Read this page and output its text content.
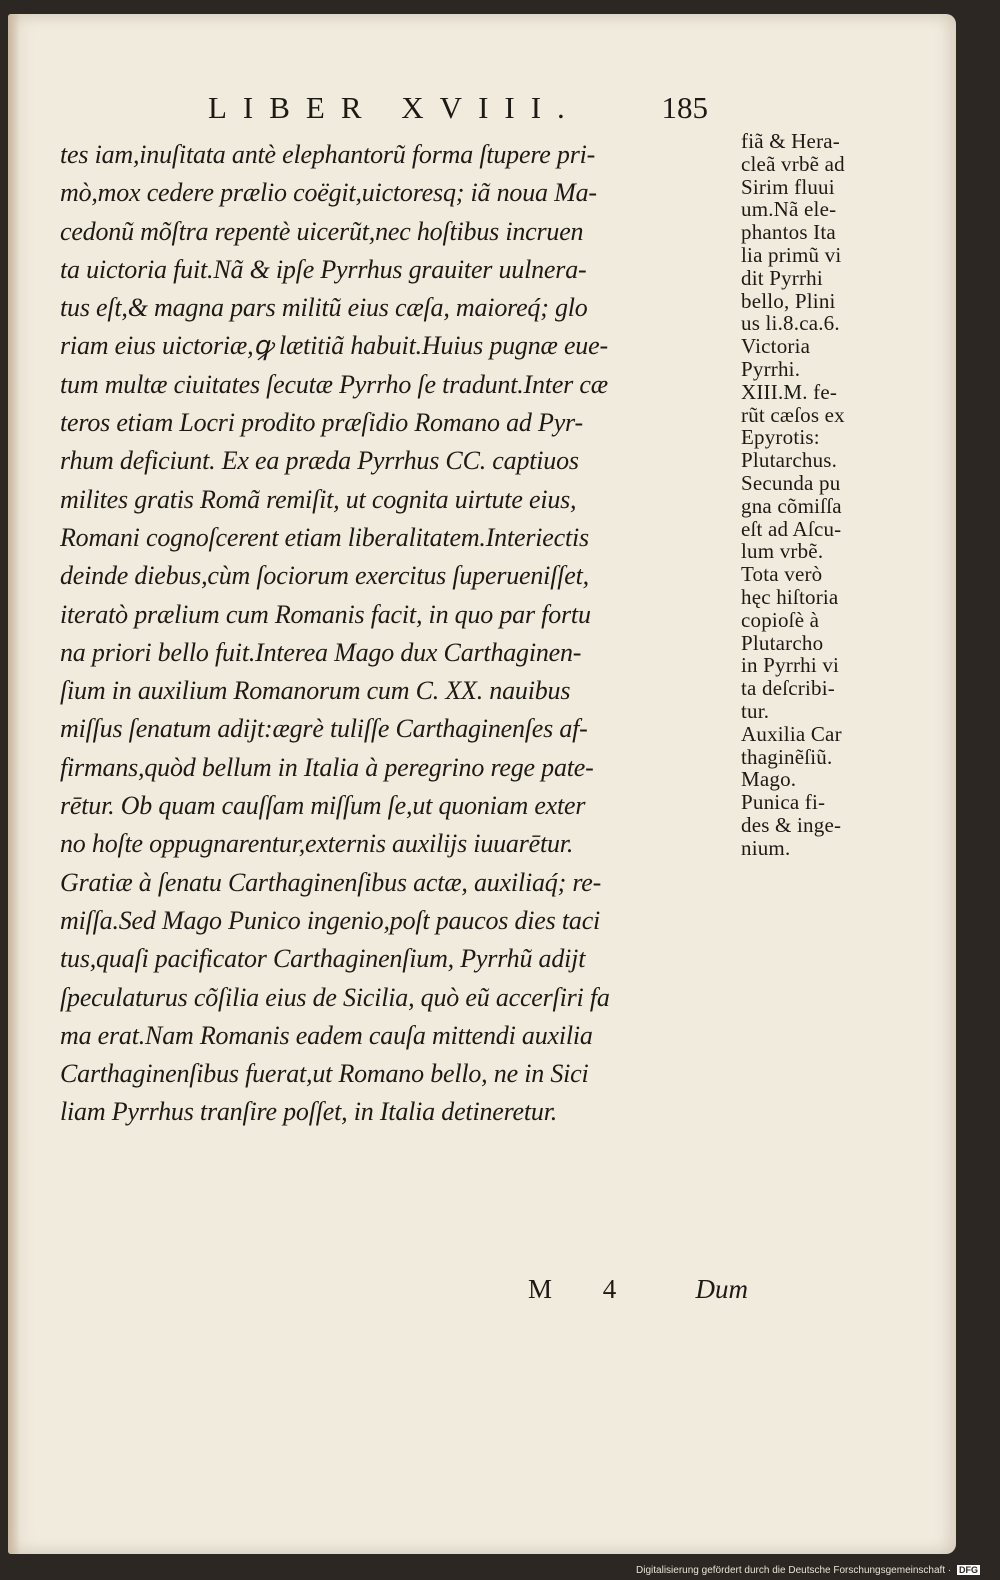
LIBER XVIII.	185
tes iam,inuſitata antè elephantorũ forma ſtupere pri-
mò,mox cedere prælio coëgit,uictoresq; iã noua Ma-
cedonũ mõſtra repentè uicerũt,nec hoſtibus incruen
ta uictoria fuit.Nã & ipſe Pyrrhus grauiter uulnera-
tus eſt,& magna pars militũ eius cæſa, maioreq́; glo
riam eius uictoriæ,ꝙ lætitiã habuit.Huius pugnæ eue-
tum multæ ciuitates ſecutæ Pyrrho ſe tradunt.Inter cæ
teros etiam Locri prodito præſidio Romano ad Pyr-
rhum deficiunt. Ex ea præda Pyrrhus CC. captiuos
milites gratis Romã remiſit, ut cognita uirtute eius,
Romani cognoſcerent etiam liberalitatem.Interiectis
deinde diebus,cùm ſociorum exercitus ſuperueniſſet,
iteratò prælium cum Romanis facit, in quo par fortu
na priori bello fuit.Interea Mago dux Carthaginen-
ſium in auxilium Romanorum cum C. XX. nauibus
miſſus ſenatum adijt:ægrè tuliſſe Carthaginenſes af-
firmans,quòd bellum in Italia à peregrino rege pate-
rētur. Ob quam cauſſam miſſum ſe,ut quoniam exter
no hoſte oppugnarentur,externis auxilijs iuuarētur.
Gratiæ à ſenatu Carthaginenſibus actæ, auxiliaq́; re-
miſſa.Sed Mago Punico ingenio,poſt paucos dies taci
tus,quaſi pacificator Carthaginenſium, Pyrrhũ adijt
ſpeculaturus cõſilia eius de Sicilia, quò eũ accerſiri fa
ma erat.Nam Romanis eadem cauſa mittendi auxilia
Carthaginenſibus fuerat,ut Romano bello, ne in Sici
liam Pyrrhus tranſire poſſet, in Italia detineretur.
fiã & Hera-
cleã vrbẽ ad
Sirim fluui
um.Nã ele-
phantos Ita
lia primũ vi
dit Pyrrhi
bello, Plini
us li.8.ca.6.
Victoria
Pyrrhi.
XIII.M. fe-
rũt cæſos ex
Epyrotis:
Plutarchus.
Secunda pu
gna cõmiſſa
eſt ad Aſcu-
lum vrbẽ.
Tota verò
hęc hiſtoria
copioſè à
Plutarcho
in Pyrrhi vi
ta deſcribi-
tur.
Auxilia Car
thaginẽſiũ.
Mago.
Punica fi-
des & inge-
nium.
M 4 Dum
Digitalisierung gefördert durch die Deutsche Forschungsgemeinschaft · DFG
